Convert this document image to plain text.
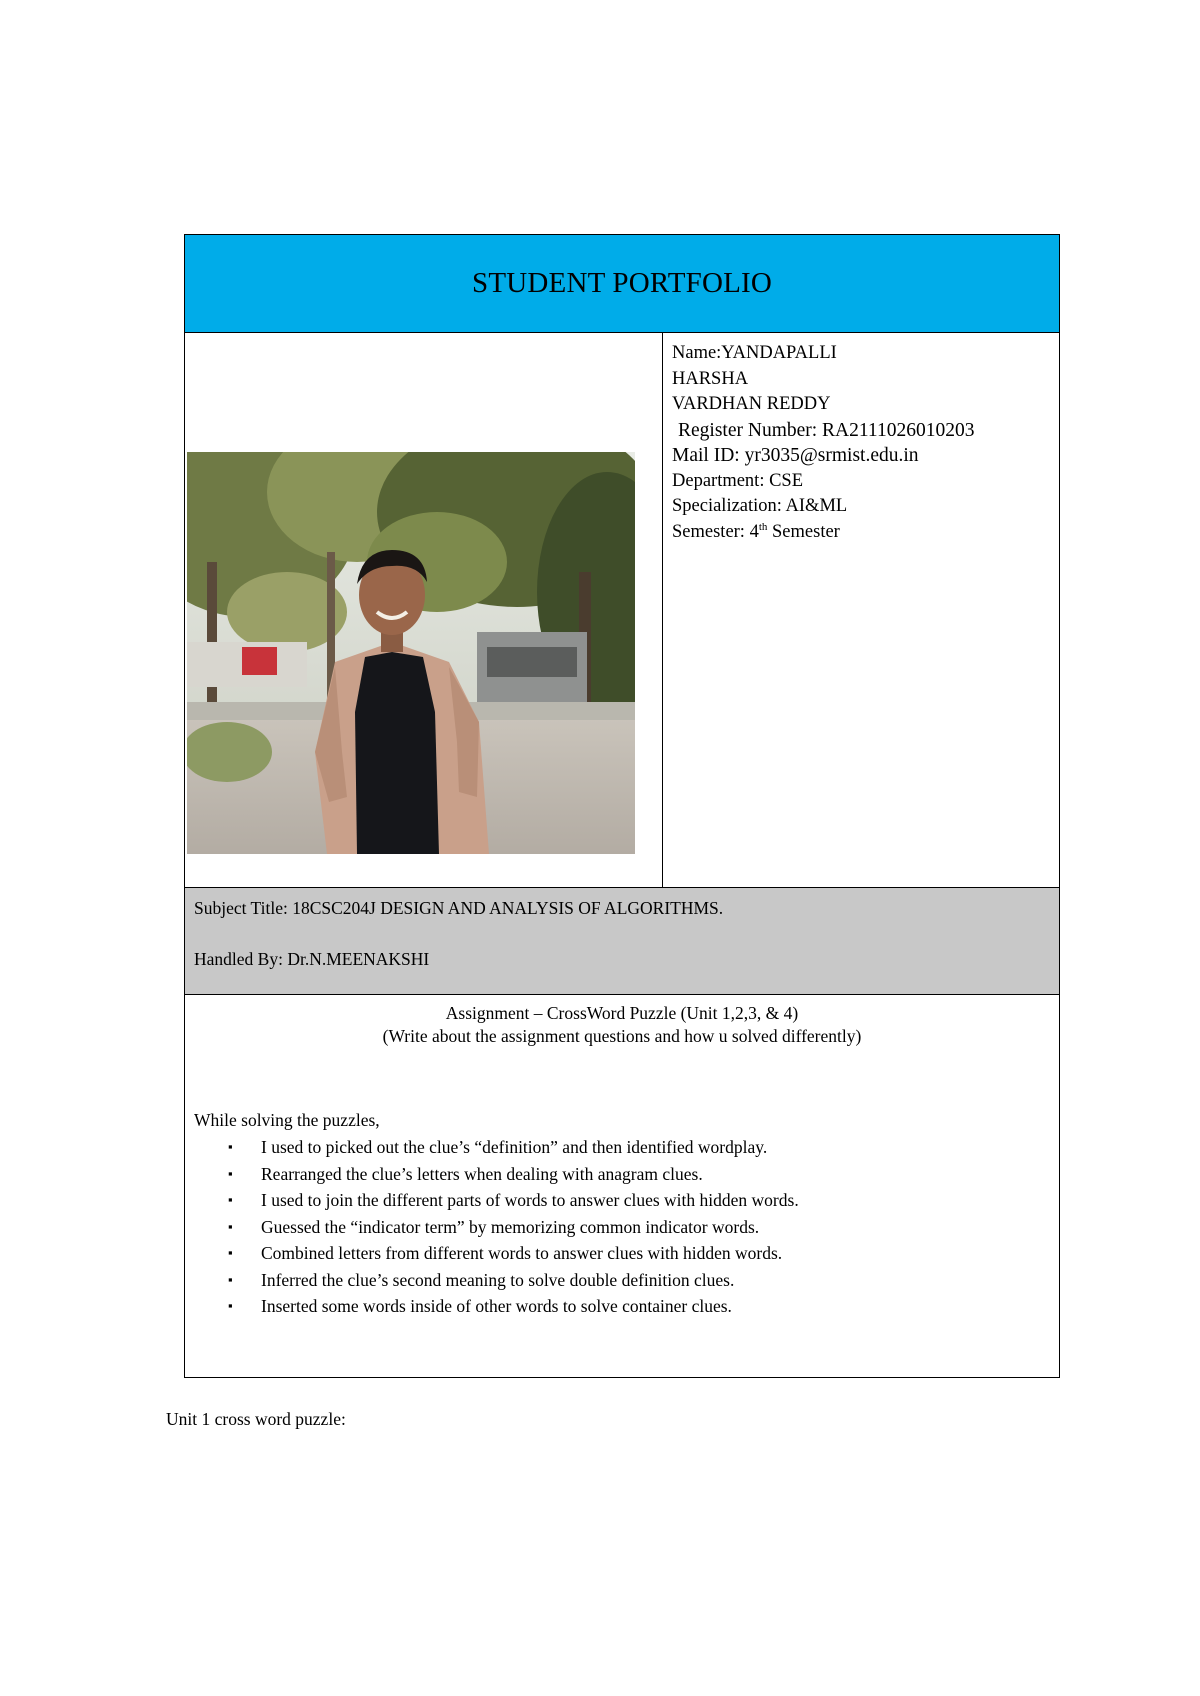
STUDENT PORTFOLIO
Name:YANDAPALLI
HARSHA
VARDHAN REDDY
Register Number: RA2111026010203
Mail ID: yr3035@srmist.edu.in
Department: CSE
Specialization: AI&ML
Semester: 4th Semester
Subject Title: 18CSC204J DESIGN AND ANALYSIS OF ALGORITHMS.
Handled By: Dr.N.MEENAKSHI
Assignment – CrossWord Puzzle (Unit 1,2,3, & 4)
(Write about the assignment questions and how u solved differently)
While solving the puzzles,
▪ I used to picked out the clue’s “definition” and then identified wordplay.
▪ Rearranged the clue’s letters when dealing with anagram clues.
▪ I used to join the different parts of words to answer clues with hidden words.
▪ Guessed the “indicator term” by memorizing common indicator words.
▪ Combined letters from different words to answer clues with hidden words.
▪ Inferred the clue’s second meaning to solve double definition clues.
▪ Inserted some words inside of other words to solve container clues.
Unit 1 cross word puzzle:
